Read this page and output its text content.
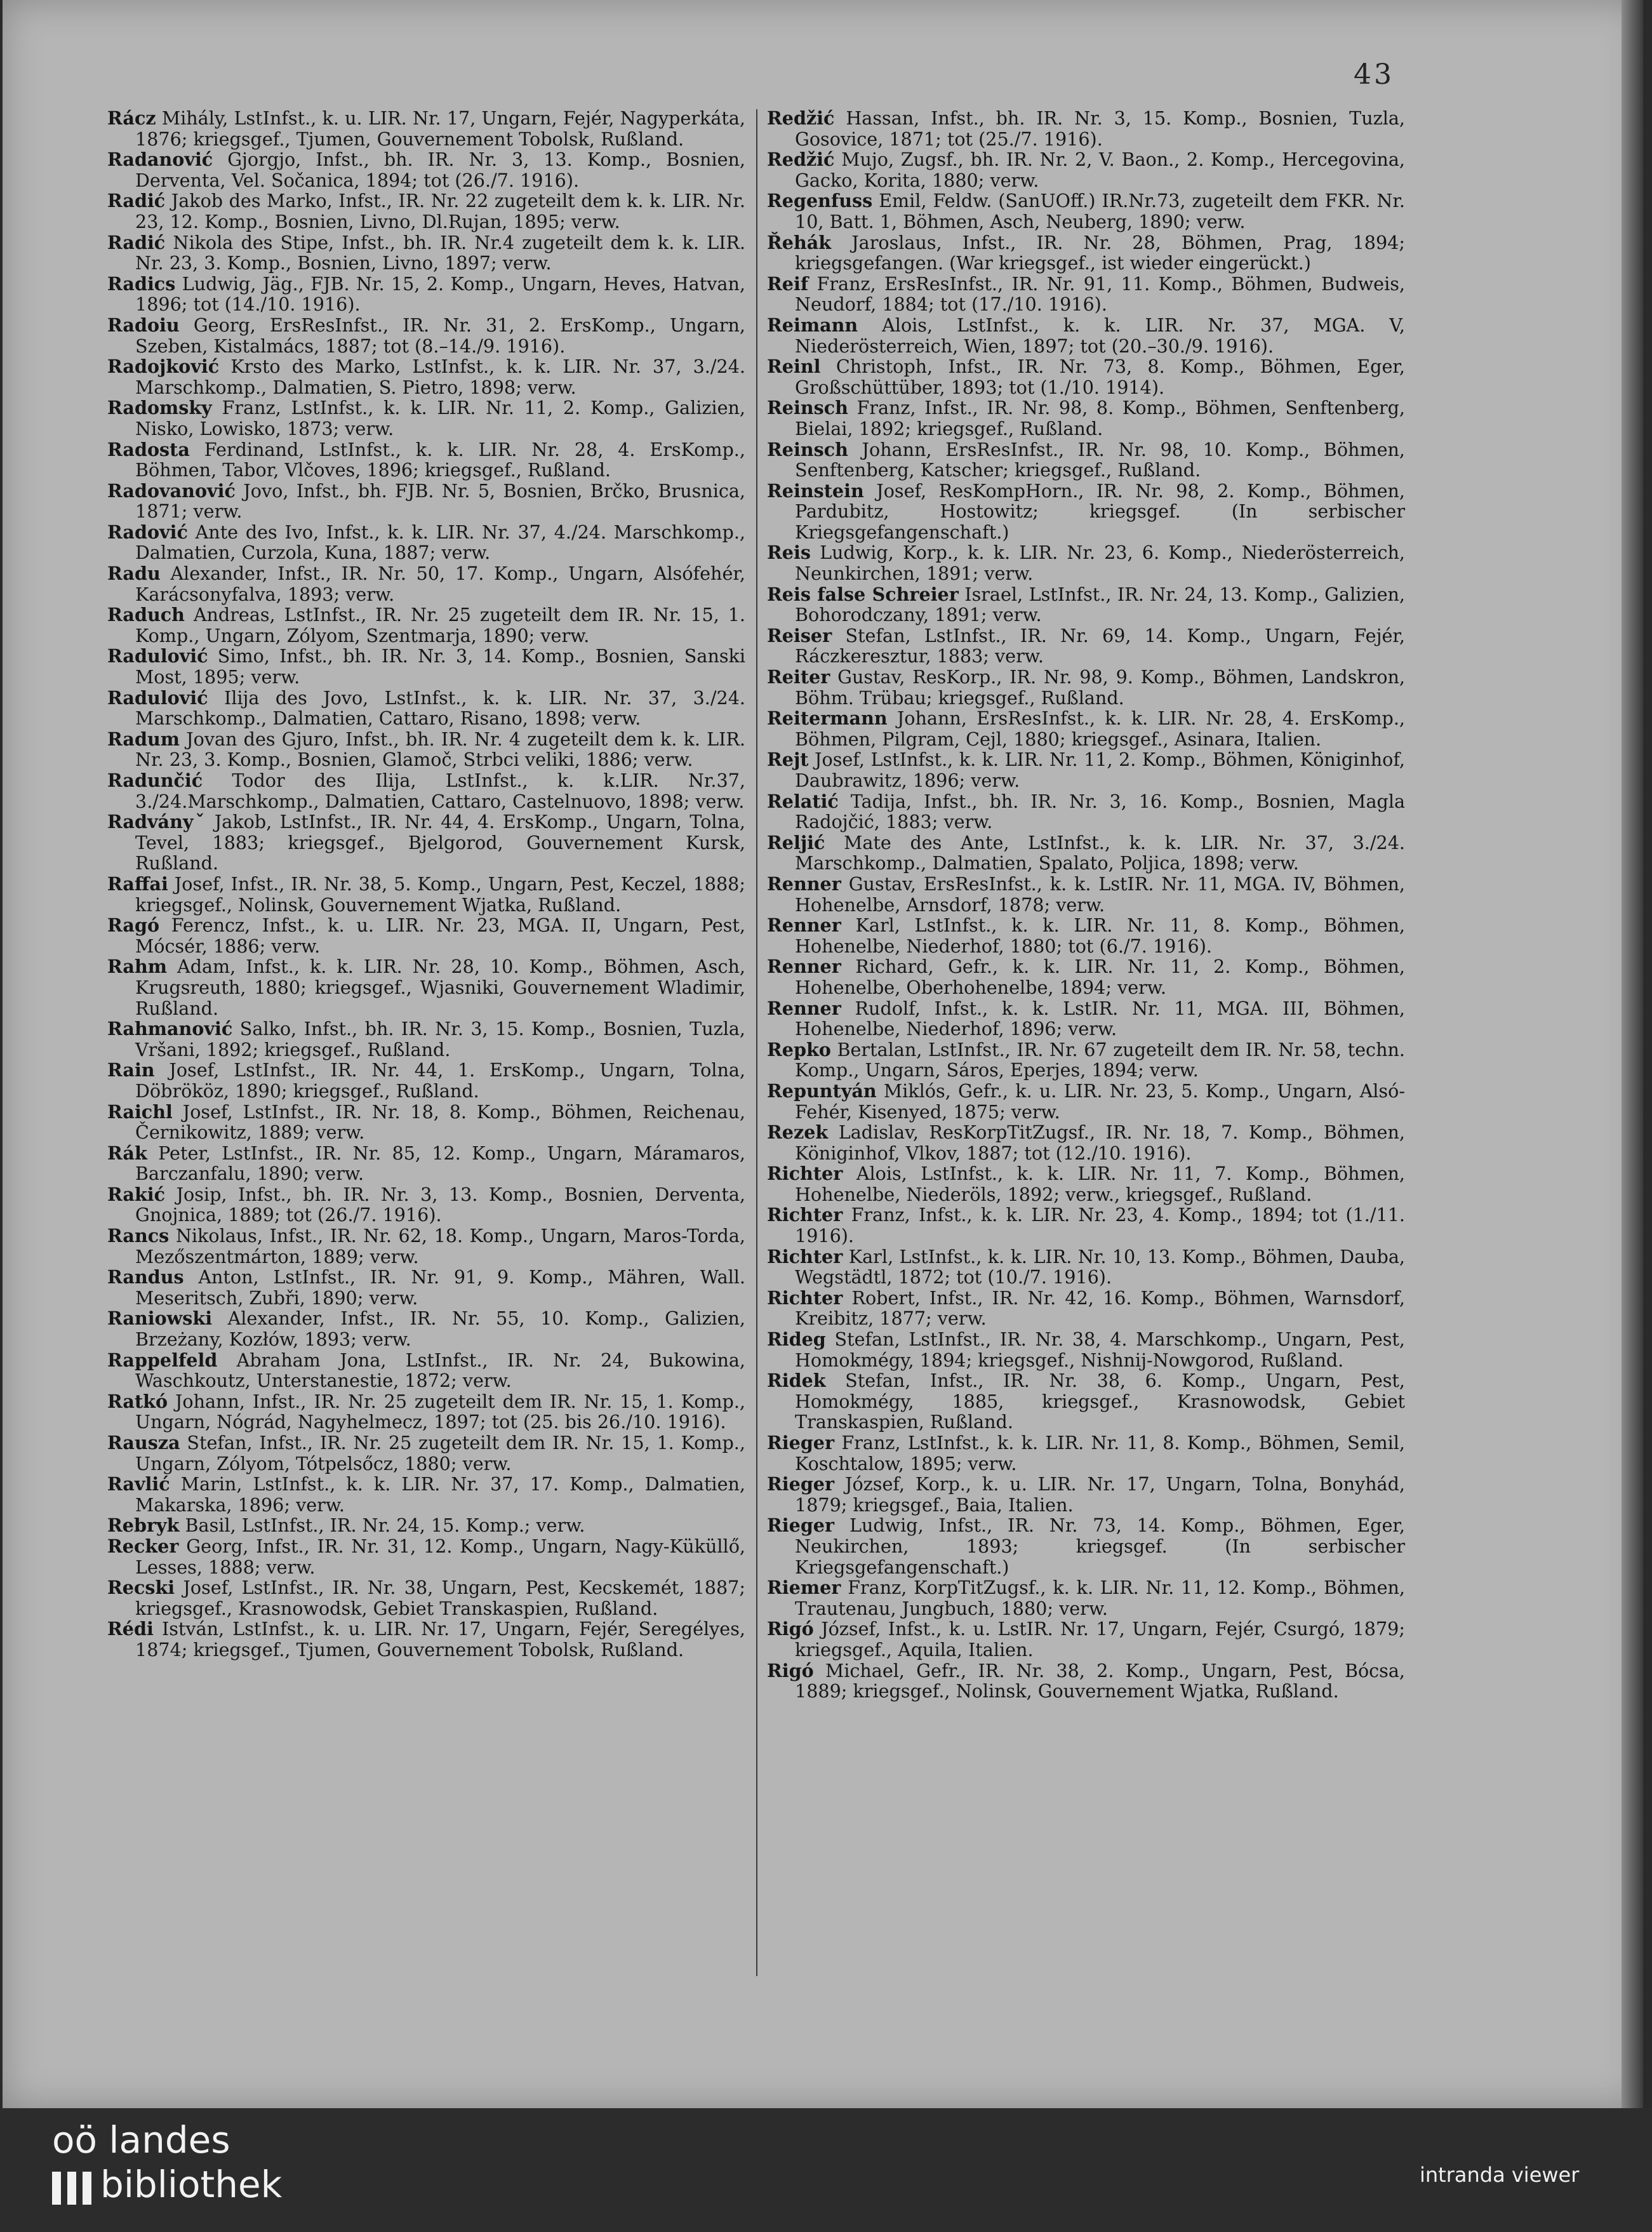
43

Rácz Mihály, LstInfst., k. u. LIR. Nr. 17, Ungarn, Fejér, Nagyperkáta, 1876; kriegsgef., Tjumen, Gouvernement Tobolsk, Rußland.

Radanović Gjorgjo, Infst., bh. IR. Nr. 3, 13. Komp., Bosnien, Derventa, Vel. Sočanica, 1894; tot (26./7. 1916).

Radić Jakob des Marko, Infst., IR. Nr. 22 zugeteilt dem k. k. LIR. Nr. 23, 12. Komp., Bosnien, Livno, Dl.Rujan, 1895; verw.

Radić Nikola des Stipe, Infst., bh. IR. Nr.4 zugeteilt dem k. k. LIR. Nr. 23, 3. Komp., Bosnien, Livno, 1897; verw.

Radics Ludwig, Jäg., FJB. Nr. 15, 2. Komp., Ungarn, Heves, Hatvan, 1896; tot (14./10. 1916).

Radoiu Georg, ErsResInfst., IR. Nr. 31, 2. ErsKomp., Ungarn, Szeben, Kistalmács, 1887; tot (8.–14./9. 1916).

Radojković Krsto des Marko, LstInfst., k. k. LIR. Nr. 37, 3./24. Marschkomp., Dalmatien, S. Pietro, 1898; verw.

Radomsky Franz, LstInfst., k. k. LIR. Nr. 11, 2. Komp., Galizien, Nisko, Lowisko, 1873; verw.

Radosta Ferdinand, LstInfst., k. k. LIR. Nr. 28, 4. ErsKomp., Böhmen, Tabor, Vlčoves, 1896; kriegsgef., Rußland.

Radovanović Jovo, Infst., bh. FJB. Nr. 5, Bosnien, Brčko, Brusnica, 1871; verw.

Radović Ante des Ivo, Infst., k. k. LIR. Nr. 37, 4./24. Marschkomp., Dalmatien, Curzola, Kuna, 1887; verw.

Radu Alexander, Infst., IR. Nr. 50, 17. Komp., Ungarn, Alsófehér, Karácsonyfalva, 1893; verw.

Raduch Andreas, LstInfst., IR. Nr. 25 zugeteilt dem IR. Nr. 15, 1. Komp., Ungarn, Zólyom, Szentmarja, 1890; verw.

Radulović Simo, Infst., bh. IR. Nr. 3, 14. Komp., Bosnien, Sanski Most, 1895; verw.

Radulović Ilija des Jovo, LstInfst., k. k. LIR. Nr. 37, 3./24. Marschkomp., Dalmatien, Cattaro, Risano, 1898; verw.

Radum Jovan des Gjuro, Infst., bh. IR. Nr. 4 zugeteilt dem k. k. LIR. Nr. 23, 3. Komp., Bosnien, Glamoč, Strbci veliki, 1886; verw.

Radunčić Todor des Ilija, LstInfst., k. k.LIR. Nr.37, 3./24.Marschkomp., Dalmatien, Cattaro, Castelnuovo, 1898; verw.

Radványˇ Jakob, LstInfst., IR. Nr. 44, 4. ErsKomp., Ungarn, Tolna, Tevel, 1883; kriegsgef., Bjelgorod, Gouvernement Kursk, Rußland.

Raffai Josef, Infst., IR. Nr. 38, 5. Komp., Ungarn, Pest, Keczel, 1888; kriegsgef., Nolinsk, Gouvernement Wjatka, Rußland.

Ragó Ferencz, Infst., k. u. LIR. Nr. 23, MGA. II, Ungarn, Pest, Mócsér, 1886; verw.

Rahm Adam, Infst., k. k. LIR. Nr. 28, 10. Komp., Böhmen, Asch, Krugsreuth, 1880; kriegsgef., Wjasniki, Gouvernement Wladimir, Rußland.

Rahmanović Salko, Infst., bh. IR. Nr. 3, 15. Komp., Bosnien, Tuzla, Vršani, 1892; kriegsgef., Rußland.

Rain Josef, LstInfst., IR. Nr. 44, 1. ErsKomp., Ungarn, Tolna, Döbrököz, 1890; kriegsgef., Rußland.

Raichl Josef, LstInfst., IR. Nr. 18, 8. Komp., Böhmen, Reichenau, Černikowitz, 1889; verw.

Rák Peter, LstInfst., IR. Nr. 85, 12. Komp., Ungarn, Máramaros, Barczanfalu, 1890; verw.

Rakić Josip, Infst., bh. IR. Nr. 3, 13. Komp., Bosnien, Derventa, Gnojnica, 1889; tot (26./7. 1916).

Rancs Nikolaus, Infst., IR. Nr. 62, 18. Komp., Ungarn, Maros-Torda, Mezőszentmárton, 1889; verw.

Randus Anton, LstInfst., IR. Nr. 91, 9. Komp., Mähren, Wall. Meseritsch, Zubři, 1890; verw.

Raniowski Alexander, Infst., IR. Nr. 55, 10. Komp., Galizien, Brzeżany, Kozłów, 1893; verw.

Rappelfeld Abraham Jona, LstInfst., IR. Nr. 24, Bukowina, Waschkoutz, Unterstanestie, 1872; verw.

Ratkó Johann, Infst., IR. Nr. 25 zugeteilt dem IR. Nr. 15, 1. Komp., Ungarn, Nógrád, Nagyhelmecz, 1897; tot (25. bis 26./10. 1916).

Rausza Stefan, Infst., IR. Nr. 25 zugeteilt dem IR. Nr. 15, 1. Komp., Ungarn, Zólyom, Tótpelsőcz, 1880; verw.

Ravlić Marin, LstInfst., k. k. LIR. Nr. 37, 17. Komp., Dalmatien, Makarska, 1896; verw.

Rebryk Basil, LstInfst., IR. Nr. 24, 15. Komp.; verw.

Recker Georg, Infst., IR. Nr. 31, 12. Komp., Ungarn, Nagy-Küküllő, Lesses, 1888; verw.

Recski Josef, LstInfst., IR. Nr. 38, Ungarn, Pest, Kecskemét, 1887; kriegsgef., Krasnowodsk, Gebiet Transkaspien, Rußland.

Rédi István, LstInfst., k. u. LIR. Nr. 17, Ungarn, Fejér, Seregélyes, 1874; kriegsgef., Tjumen, Gouvernement Tobolsk, Rußland.

Redžić Hassan, Infst., bh. IR. Nr. 3, 15. Komp., Bosnien, Tuzla, Gosovice, 1871; tot (25./7. 1916).

Redžić Mujo, Zugsf., bh. IR. Nr. 2, V. Baon., 2. Komp., Hercegovina, Gacko, Korita, 1880; verw.

Regenfuss Emil, Feldw. (SanUOff.) IR.Nr.73, zugeteilt dem FKR. Nr. 10, Batt. 1, Böhmen, Asch, Neuberg, 1890; verw.

Řehák Jaroslaus, Infst., IR. Nr. 28, Böhmen, Prag, 1894; kriegsgefangen. (War kriegsgef., ist wieder eingerückt.)

Reif Franz, ErsResInfst., IR. Nr. 91, 11. Komp., Böhmen, Budweis, Neudorf, 1884; tot (17./10. 1916).

Reimann Alois, LstInfst., k. k. LIR. Nr. 37, MGA. V, Niederösterreich, Wien, 1897; tot (20.–30./9. 1916).

Reinl Christoph, Infst., IR. Nr. 73, 8. Komp., Böhmen, Eger, Großschüttüber, 1893; tot (1./10. 1914).

Reinsch Franz, Infst., IR. Nr. 98, 8. Komp., Böhmen, Senftenberg, Bielai, 1892; kriegsgef., Rußland.

Reinsch Johann, ErsResInfst., IR. Nr. 98, 10. Komp., Böhmen, Senftenberg, Katscher; kriegsgef., Rußland.

Reinstein Josef, ResKompHorn., IR. Nr. 98, 2. Komp., Böhmen, Pardubitz, Hostowitz; kriegsgef. (In serbischer Kriegsgefangenschaft.)

Reis Ludwig, Korp., k. k. LIR. Nr. 23, 6. Komp., Niederösterreich, Neunkirchen, 1891; verw.

Reis false Schreier Israel, LstInfst., IR. Nr. 24, 13. Komp., Galizien, Bohorodczany, 1891; verw.

Reiser Stefan, LstInfst., IR. Nr. 69, 14. Komp., Ungarn, Fejér, Ráczkeresztur, 1883; verw.

Reiter Gustav, ResKorp., IR. Nr. 98, 9. Komp., Böhmen, Landskron, Böhm. Trübau; kriegsgef., Rußland.

Reitermann Johann, ErsResInfst., k. k. LIR. Nr. 28, 4. ErsKomp., Böhmen, Pilgram, Cejl, 1880; kriegsgef., Asinara, Italien.

Rejt Josef, LstInfst., k. k. LIR. Nr. 11, 2. Komp., Böhmen, Königinhof, Daubrawitz, 1896; verw.

Relatić Tadija, Infst., bh. IR. Nr. 3, 16. Komp., Bosnien, Magla Radojčić, 1883; verw.

Reljić Mate des Ante, LstInfst., k. k. LIR. Nr. 37, 3./24. Marschkomp., Dalmatien, Spalato, Poljica, 1898; verw.

Renner Gustav, ErsResInfst., k. k. LstIR. Nr. 11, MGA. IV, Böhmen, Hohenelbe, Arnsdorf, 1878; verw.

Renner Karl, LstInfst., k. k. LIR. Nr. 11, 8. Komp., Böhmen, Hohenelbe, Niederhof, 1880; tot (6./7. 1916).

Renner Richard, Gefr., k. k. LIR. Nr. 11, 2. Komp., Böhmen, Hohenelbe, Oberhohenelbe, 1894; verw.

Renner Rudolf, Infst., k. k. LstIR. Nr. 11, MGA. III, Böhmen, Hohenelbe, Niederhof, 1896; verw.

Repko Bertalan, LstInfst., IR. Nr. 67 zugeteilt dem IR. Nr. 58, techn. Komp., Ungarn, Sáros, Eperjes, 1894; verw.

Repuntyán Miklós, Gefr., k. u. LIR. Nr. 23, 5. Komp., Ungarn, Alsó-Fehér, Kisenyed, 1875; verw.

Rezek Ladislav, ResKorpTitZugsf., IR. Nr. 18, 7. Komp., Böhmen, Königinhof, Vlkov, 1887; tot (12./10. 1916).

Richter Alois, LstInfst., k. k. LIR. Nr. 11, 7. Komp., Böhmen, Hohenelbe, Niederöls, 1892; verw., kriegsgef., Rußland.

Richter Franz, Infst., k. k. LIR. Nr. 23, 4. Komp., 1894; tot (1./11. 1916).

Richter Karl, LstInfst., k. k. LIR. Nr. 10, 13. Komp., Böhmen, Dauba, Wegstädtl, 1872; tot (10./7. 1916).

Richter Robert, Infst., IR. Nr. 42, 16. Komp., Böhmen, Warnsdorf, Kreibitz, 1877; verw.

Rideg Stefan, LstInfst., IR. Nr. 38, 4. Marschkomp., Ungarn, Pest, Homokmégy, 1894; kriegsgef., Nishnij-Nowgorod, Rußland.

Ridek Stefan, Infst., IR. Nr. 38, 6. Komp., Ungarn, Pest, Homokmégy, 1885, kriegsgef., Krasnowodsk, Gebiet Transkaspien, Rußland.

Rieger Franz, LstInfst., k. k. LIR. Nr. 11, 8. Komp., Böhmen, Semil, Koschtalow, 1895; verw.

Rieger József, Korp., k. u. LIR. Nr. 17, Ungarn, Tolna, Bonyhád, 1879; kriegsgef., Baia, Italien.

Rieger Ludwig, Infst., IR. Nr. 73, 14. Komp., Böhmen, Eger, Neukirchen, 1893; kriegsgef. (In serbischer Kriegsgefangenschaft.)

Riemer Franz, KorpTitZugsf., k. k. LIR. Nr. 11, 12. Komp., Böhmen, Trautenau, Jungbuch, 1880; verw.

Rigó József, Infst., k. u. LstIR. Nr. 17, Ungarn, Fejér, Csurgó, 1879; kriegsgef., Aquila, Italien.

Rigó Michael, Gefr., IR. Nr. 38, 2. Komp., Ungarn, Pest, Bócsa, 1889; kriegsgef., Nolinsk, Gouvernement Wjatka, Rußland.

oö landes
bibliothek	intranda viewer
